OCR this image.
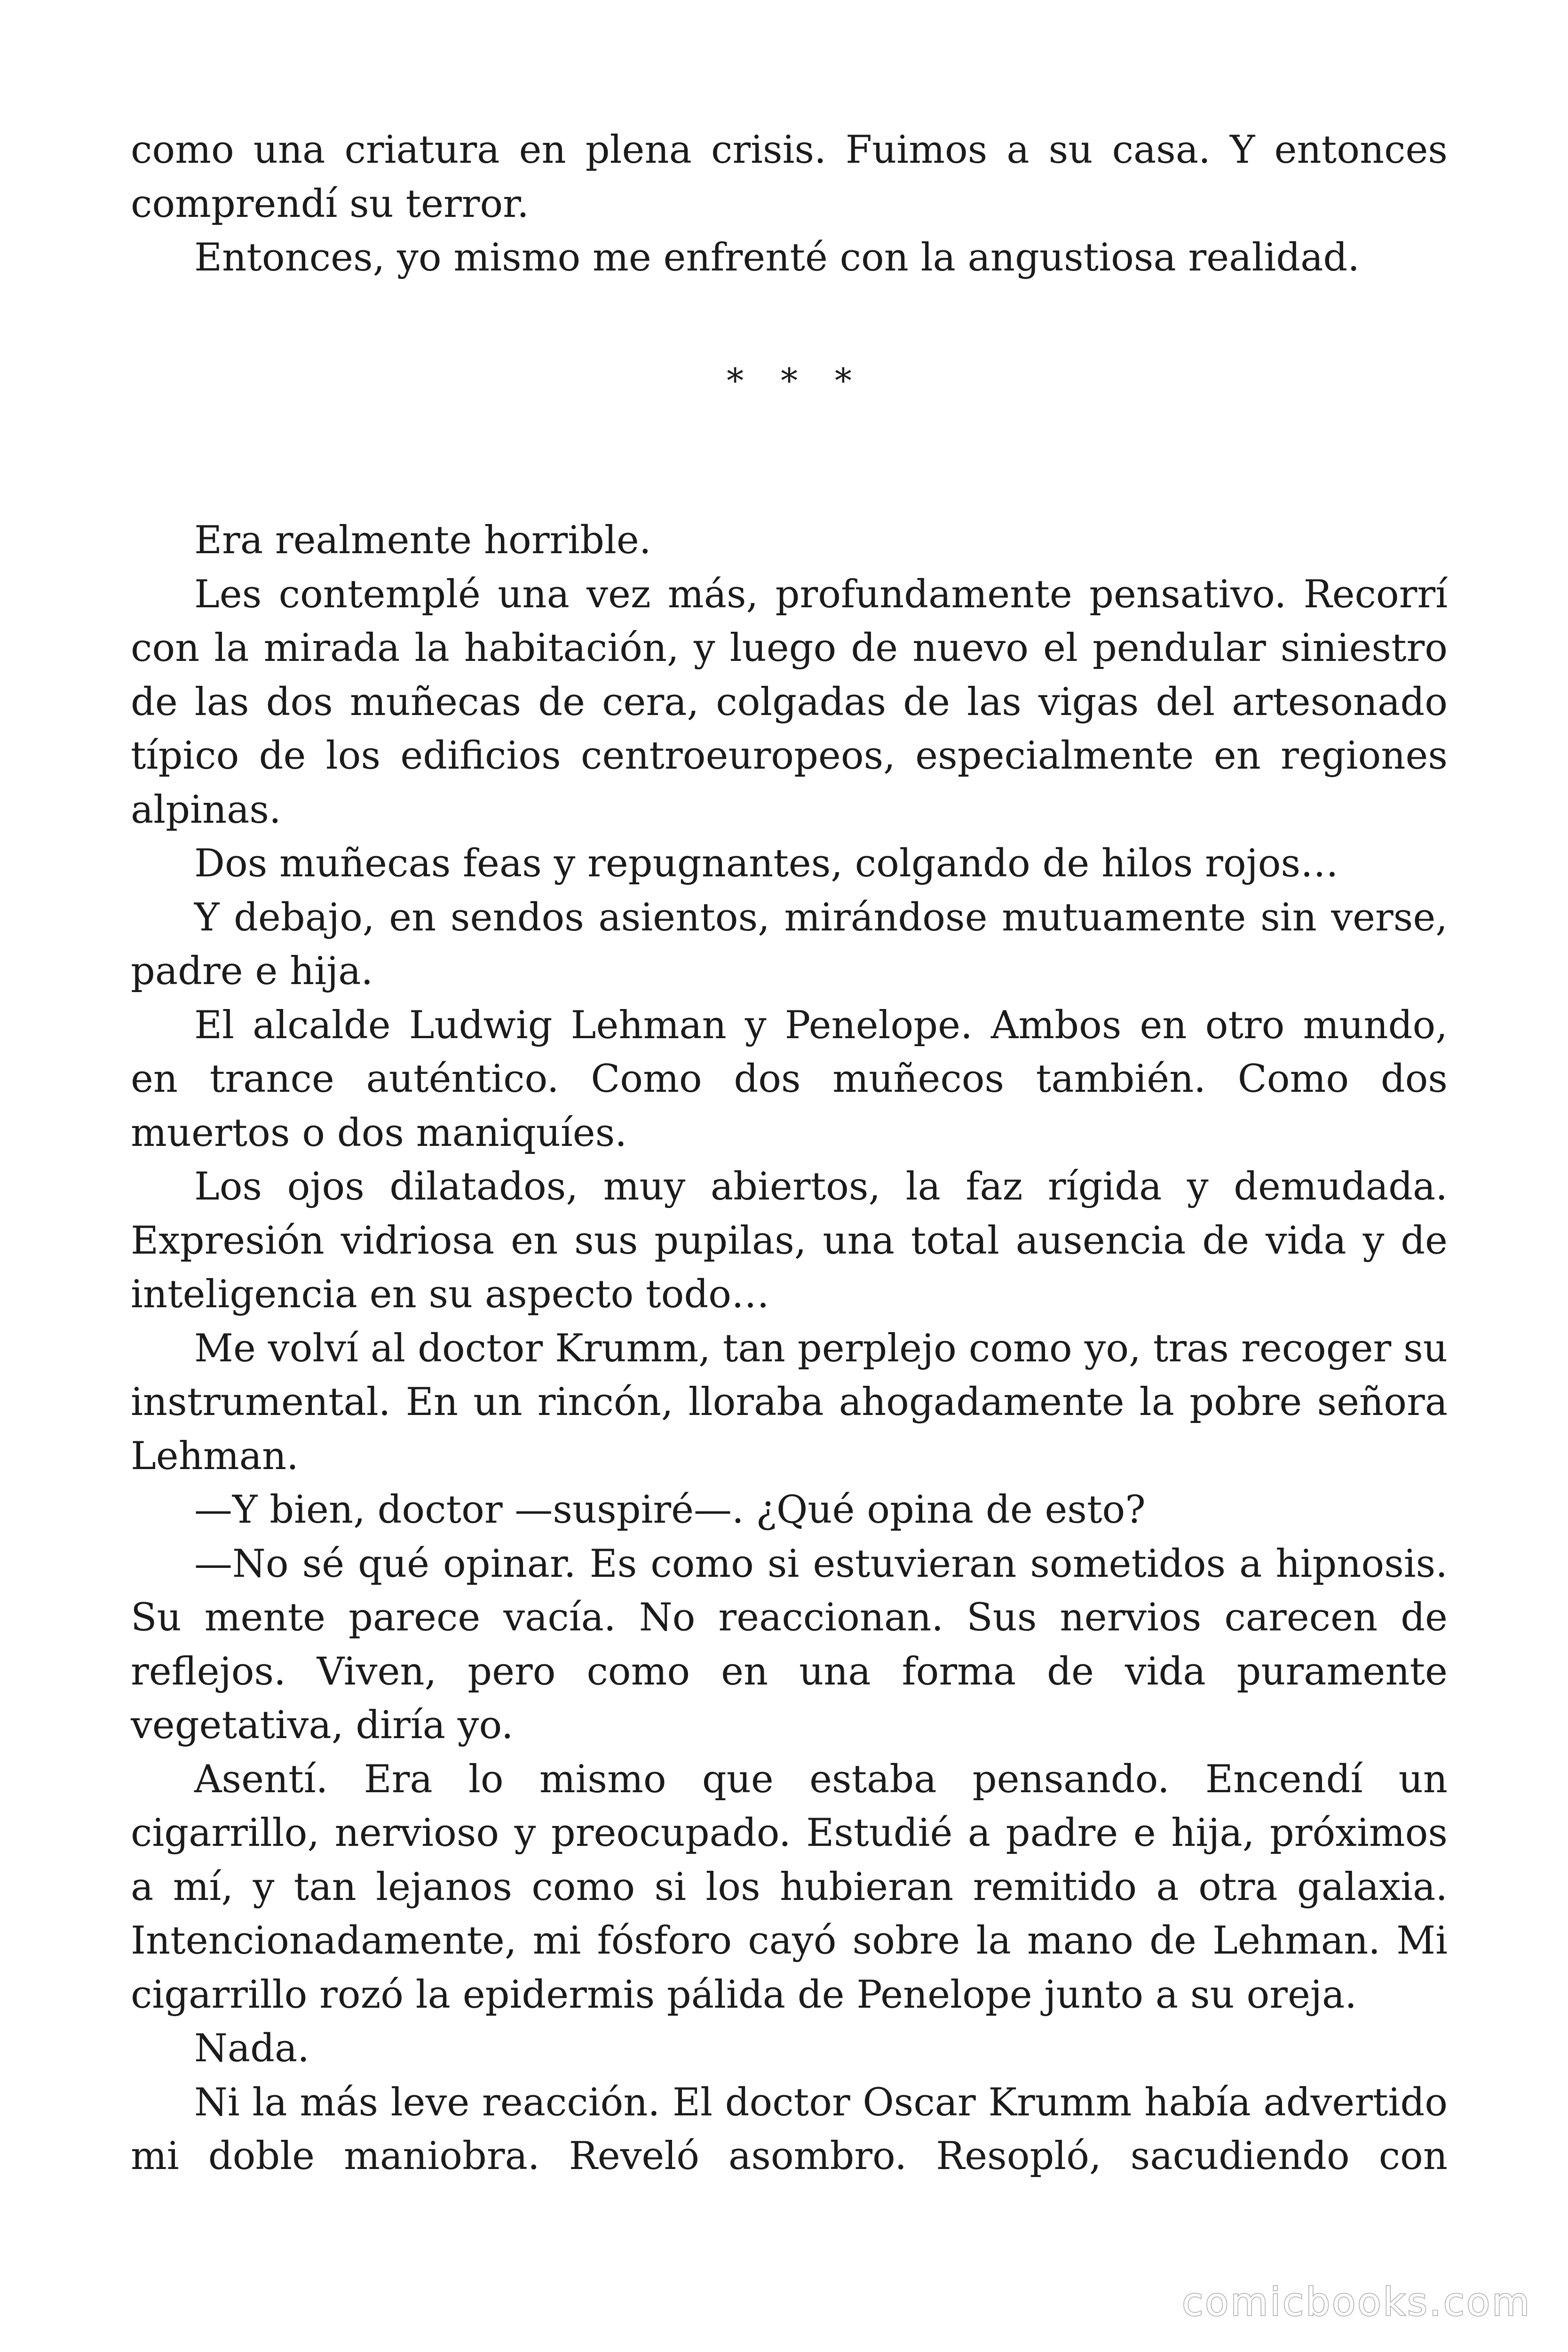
como una criatura en plena crisis. Fuimos a su casa. Y entonces comprendí su terror.

Entonces, yo mismo me enfrenté con la angustiosa realidad.

* * *

Era realmente horrible.

Les contemplé una vez más, profundamente pensativo. Recorrí con la mirada la habitación, y luego de nuevo el pendular siniestro de las dos muñecas de cera, colgadas de las vigas del artesonado típico de los edificios centroeuropeos, especialmente en regiones alpinas.

Dos muñecas feas y repugnantes, colgando de hilos rojos…

Y debajo, en sendos asientos, mirándose mutuamente sin verse, padre e hija.

El alcalde Ludwig Lehman y Penelope. Ambos en otro mundo, en trance auténtico. Como dos muñecos también. Como dos muertos o dos maniquíes.

Los ojos dilatados, muy abiertos, la faz rígida y demudada. Expresión vidriosa en sus pupilas, una total ausencia de vida y de inteligencia en su aspecto todo…

Me volví al doctor Krumm, tan perplejo como yo, tras recoger su instrumental. En un rincón, lloraba ahogadamente la pobre señora Lehman.

—Y bien, doctor —suspiré—. ¿Qué opina de esto?

—No sé qué opinar. Es como si estuvieran sometidos a hipnosis. Su mente parece vacía. No reaccionan. Sus nervios carecen de reflejos. Viven, pero como en una forma de vida puramente vegetativa, diría yo.

Asentí. Era lo mismo que estaba pensando. Encendí un cigarrillo, nervioso y preocupado. Estudié a padre e hija, próximos a mí, y tan lejanos como si los hubieran remitido a otra galaxia. Intencionadamente, mi fósforo cayó sobre la mano de Lehman. Mi cigarrillo rozó la epidermis pálida de Penelope junto a su oreja.

Nada.

Ni la más leve reacción. El doctor Oscar Krumm había advertido mi doble maniobra. Reveló asombro. Resopló, sacudiendo con

comicbooks.com
